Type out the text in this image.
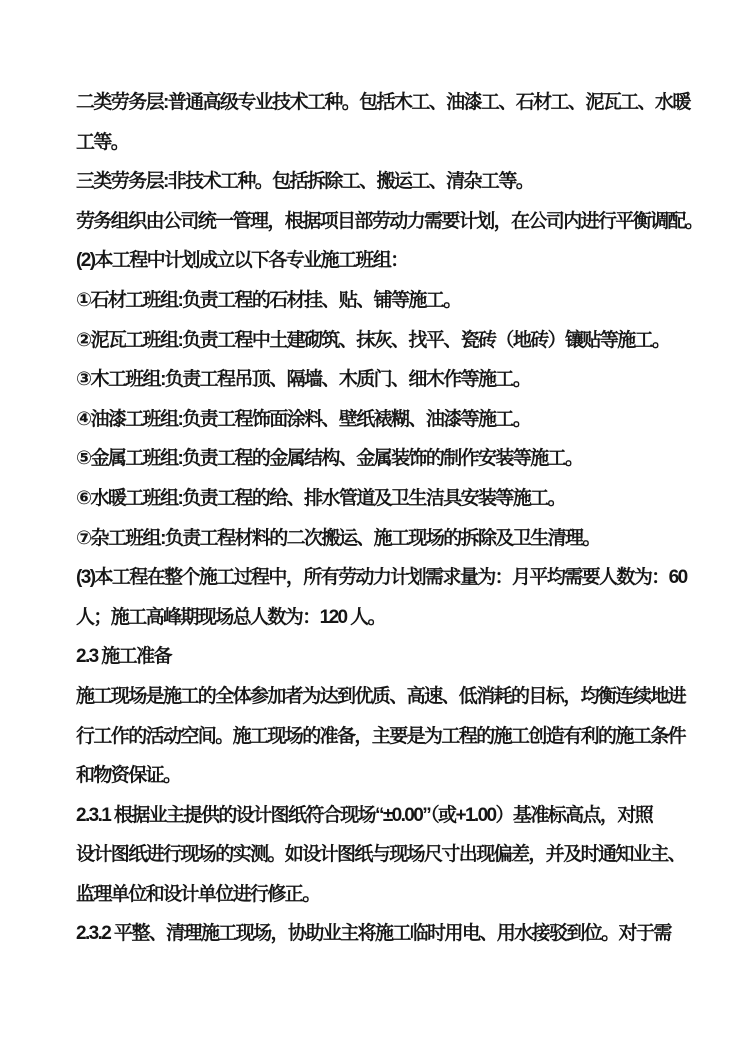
二类劳务层:普通高级专业技术工种。包括木工、油漆工、石材工、泥瓦工、水暖
工等。
三类劳务层:非技术工种。包括拆除工、搬运工、清杂工等。
劳务组织由公司统一管理，根据项目部劳动力需要计划，在公司内进行平衡调配。
(2)本工程中计划成立以下各专业施工班组：
①石材工班组:负责工程的石材挂、贴、铺等施工。
②泥瓦工班组:负责工程中土建砌筑、抹灰、找平、瓷砖（地砖）镶贴等施工。
③木工班组:负责工程吊顶、隔墙、木质门、细木作等施工。
④油漆工班组:负责工程饰面涂料、壁纸裱糊、油漆等施工。
⑤金属工班组:负责工程的金属结构、金属装饰的制作安装等施工。
⑥水暖工班组:负责工程的给、排水管道及卫生洁具安装等施工。
⑦杂工班组:负责工程材料的二次搬运、施工现场的拆除及卫生清理。
(3)本工程在整个施工过程中，所有劳动力计划需求量为：月平均需要人数为：60
人；施工高峰期现场总人数为：120 人。
2.3 施工准备
施工现场是施工的全体参加者为达到优质、高速、低消耗的目标，均衡连续地进
行工作的活动空间。施工现场的准备，主要是为工程的施工创造有利的施工条件
和物资保证。
2.3.1 根据业主提供的设计图纸符合现场“±0.00”（或+1.00）基准标高点，对照
设计图纸进行现场的实测。如设计图纸与现场尺寸出现偏差，并及时通知业主、
监理单位和设计单位进行修正。
2.3.2 平整、清理施工现场，协助业主将施工临时用电、用水接驳到位。对于需
